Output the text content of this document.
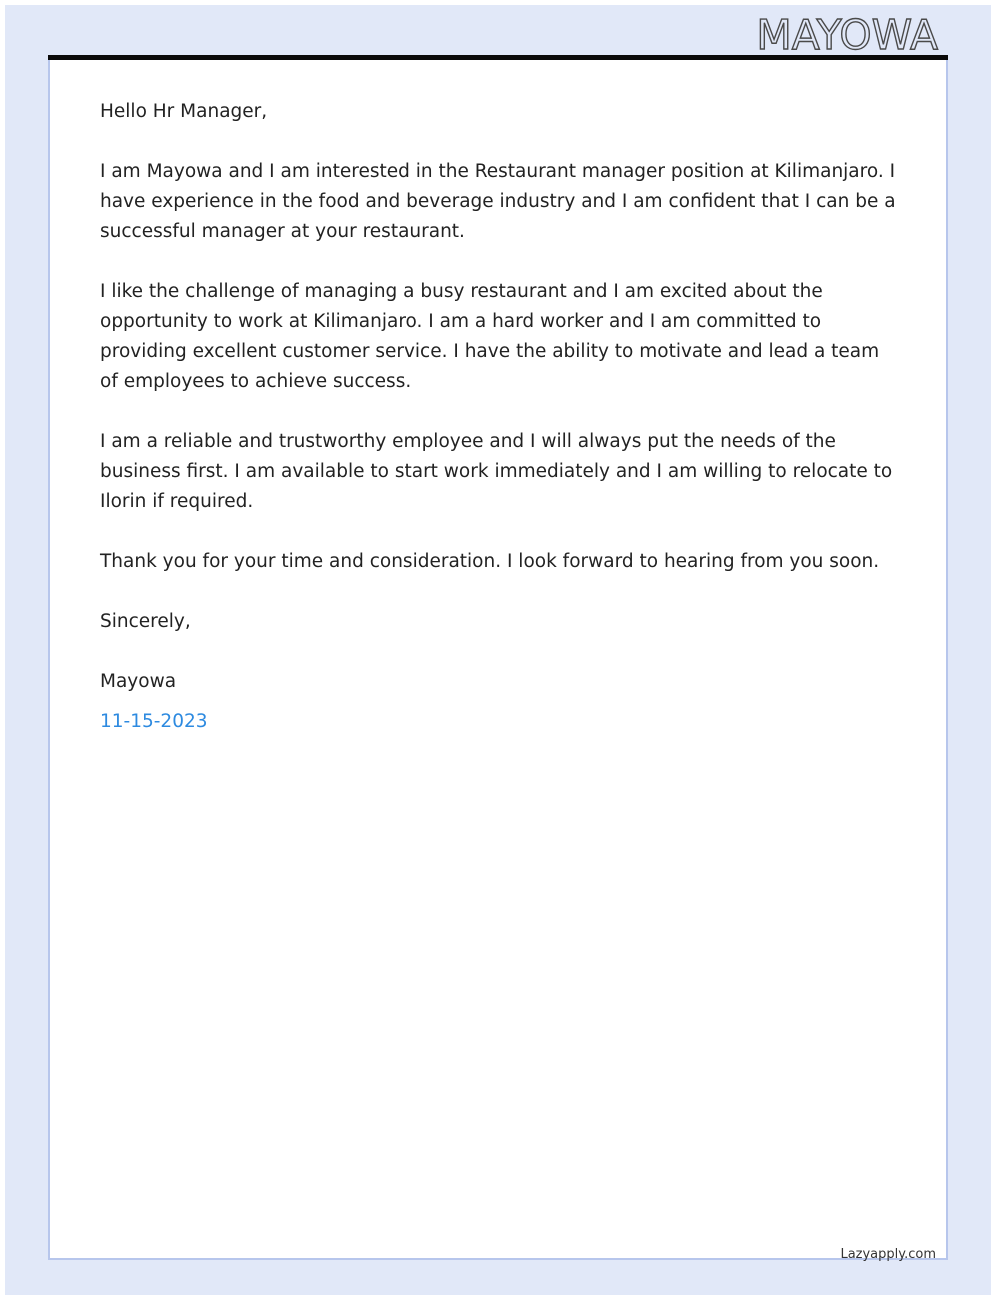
MAYOWA

Hello Hr Manager,

I am Mayowa and I am interested in the Restaurant manager position at Kilimanjaro. I have experience in the food and beverage industry and I am confident that I can be a successful manager at your restaurant.

I like the challenge of managing a busy restaurant and I am excited about the opportunity to work at Kilimanjaro. I am a hard worker and I am committed to providing excellent customer service. I have the ability to motivate and lead a team of employees to achieve success.

I am a reliable and trustworthy employee and I will always put the needs of the business first. I am available to start work immediately and I am willing to relocate to Ilorin if required.

Thank you for your time and consideration. I look forward to hearing from you soon.

Sincerely,

Mayowa

11-15-2023

Lazyapply.com
